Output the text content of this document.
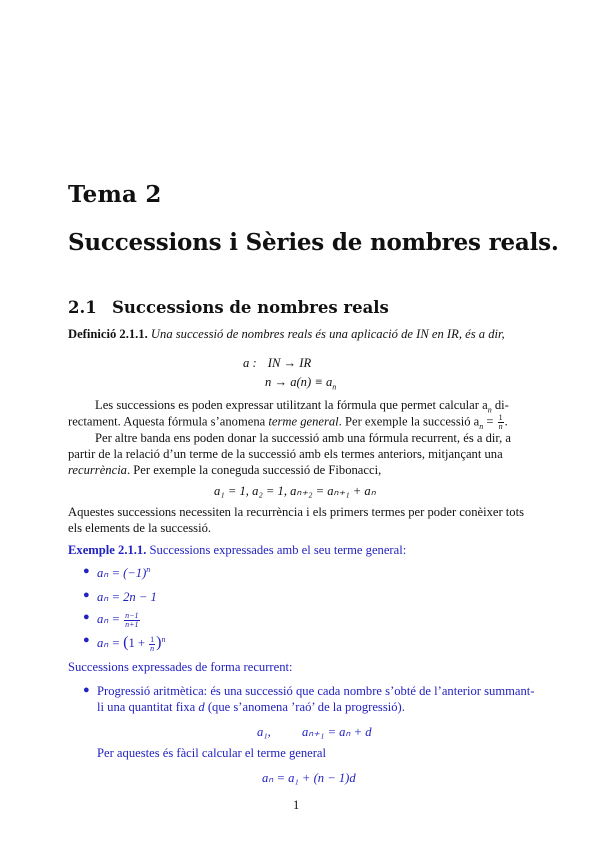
Tema 2
Successions i Sèries de nombres reals.
2.1 Successions de nombres reals
Definició 2.1.1. Una successió de nombres reals és una aplicació de IN en IR, és a dir,
a : IN → IR
$n \to a(n) \equiv a_n$
Les successions es poden expressar utilitzant la fórmula que permet calcular $a_n$ di-
rectament. Aquesta fórmula s’anomena terme general. Per exemple la successió $a_n = \frac{1}{n}$ .
Per altre banda ens poden donar la successió amb una fórmula recurrent, és a dir, a
partir de la relació d’un terme de la successió amb els termes anteriors, mitjançant una
recurrència. Per exemple la coneguda successió de Fibonacci,
a₁ = 1, a₂ = 1, aₙ₊₂ = aₙ₊₁ + aₙ
Aquestes successions necessiten la recurrència i els primers termes per poder conèixer tots
els elements de la successió.
Exemple 2.1.1. Successions expressades amb el seu terme general:
● $a_n = (-1)^n$
● aₙ = 2n − 1
● $a_n = \frac{n-1}{n+1}$
● $a_n = (1 + \frac{1}{n} )^n$
Successions expressades de forma recurrent:
● Progressió aritmètica: és una successió que cada nombre s’obté de l’anterior summant-
li una quantitat fixa d (que s’anomena ’raó’ de la progressió).
a₁, aₙ₊₁ = aₙ + d
Per aquestes és fàcil calcular el terme general
aₙ = a₁ + (n − 1)d
1
